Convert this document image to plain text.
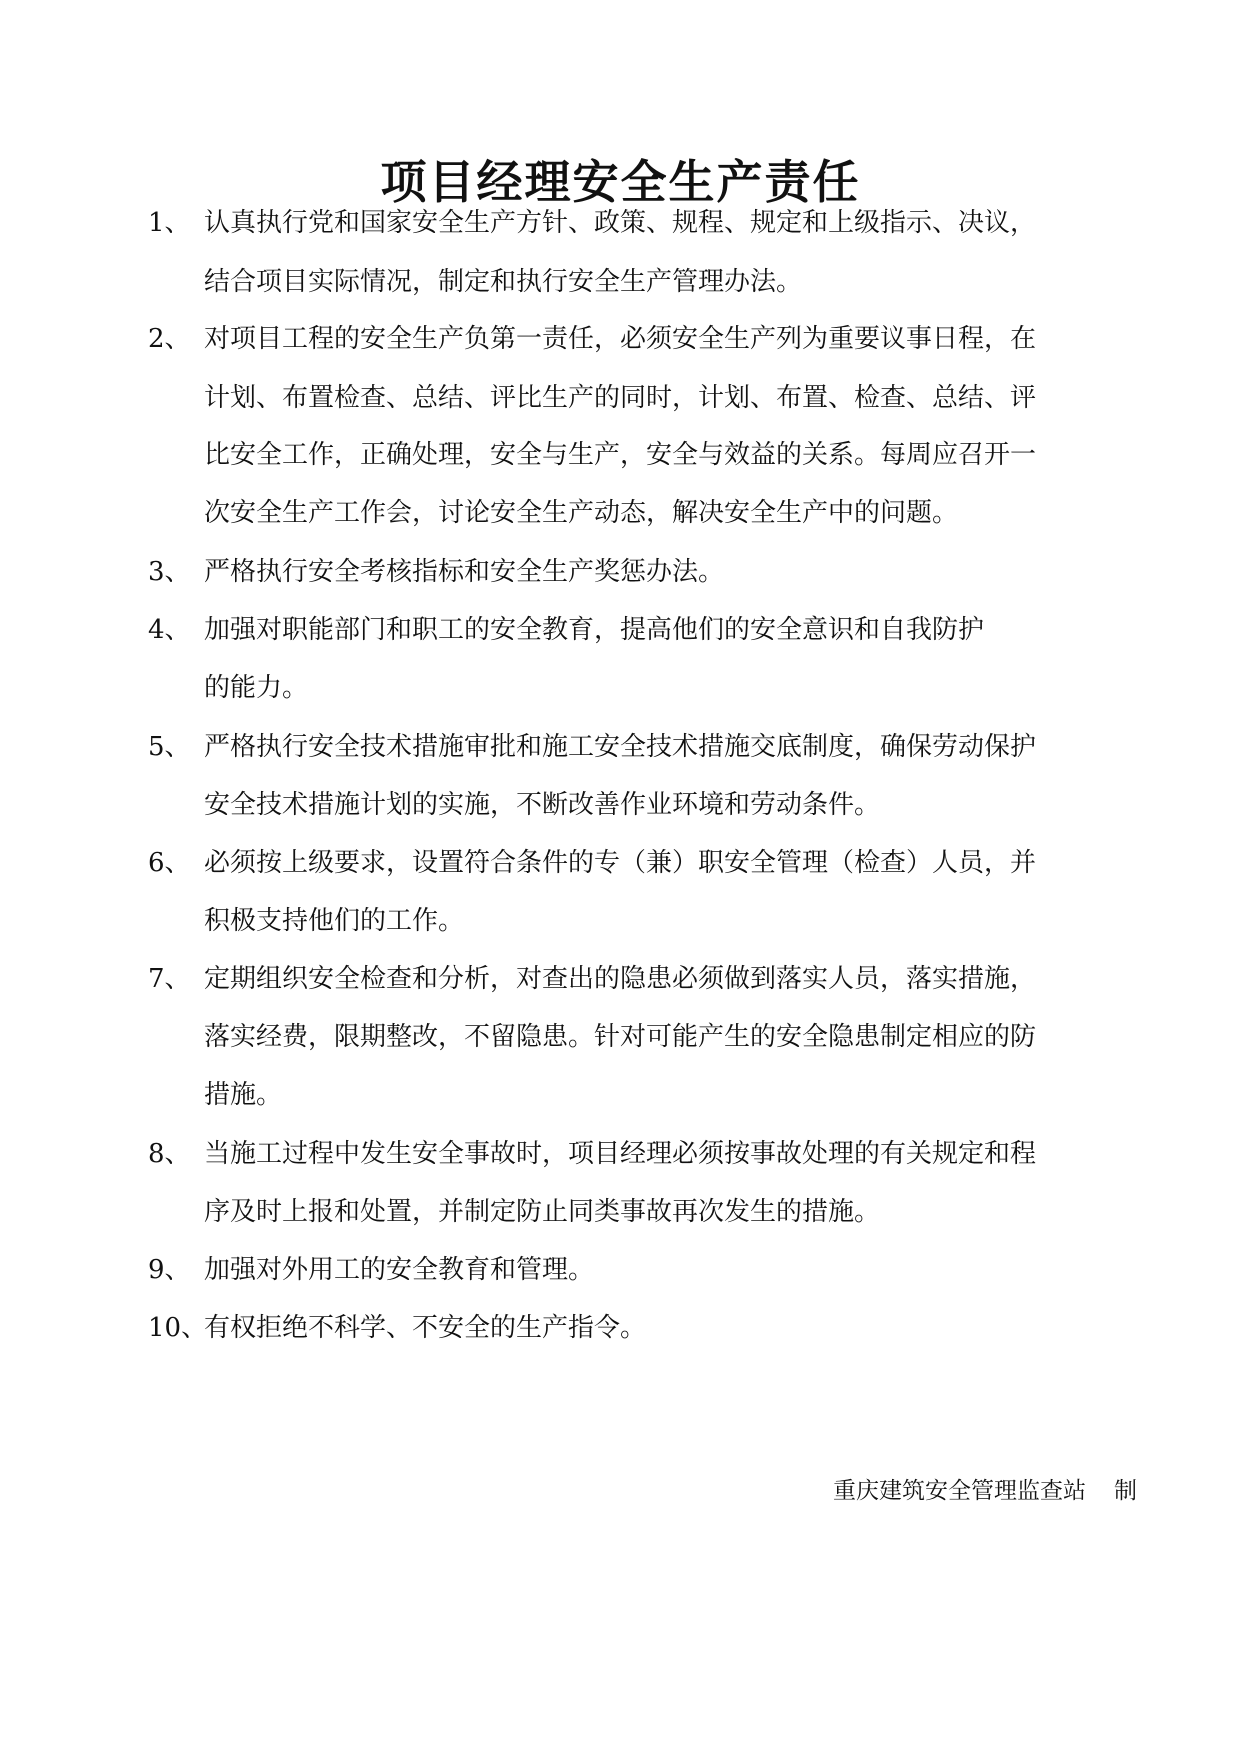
项目经理安全生产责任
1、 认真执行党和国家安全生产方针、政策、规程、规定和上级指示、决议，
结合项目实际情况，制定和执行安全生产管理办法。
2、 对项目工程的安全生产负第一责任，必须安全生产列为重要议事日程，在
计划、布置检查、总结、评比生产的同时，计划、布置、检查、总结、评
比安全工作，正确处理，安全与生产，安全与效益的关系。每周应召开一
次安全生产工作会，讨论安全生产动态，解决安全生产中的问题。
3、 严格执行安全考核指标和安全生产奖惩办法。
4、 加强对职能部门和职工的安全教育，提高他们的安全意识和自我防护
的能力。
5、 严格执行安全技术措施审批和施工安全技术措施交底制度，确保劳动保护
安全技术措施计划的实施，不断改善作业环境和劳动条件。
6、 必须按上级要求，设置符合条件的专（兼）职安全管理（检查）人员，并
积极支持他们的工作。
7、 定期组织安全检查和分析，对查出的隐患必须做到落实人员，落实措施，
落实经费，限期整改，不留隐患。针对可能产生的安全隐患制定相应的防
措施。
8、 当施工过程中发生安全事故时，项目经理必须按事故处理的有关规定和程
序及时上报和处置，并制定防止同类事故再次发生的措施。
9、 加强对外用工的安全教育和管理。
10、
有权拒绝不科学、不安全的生产指令。
重庆建筑安全管理监查站 制
